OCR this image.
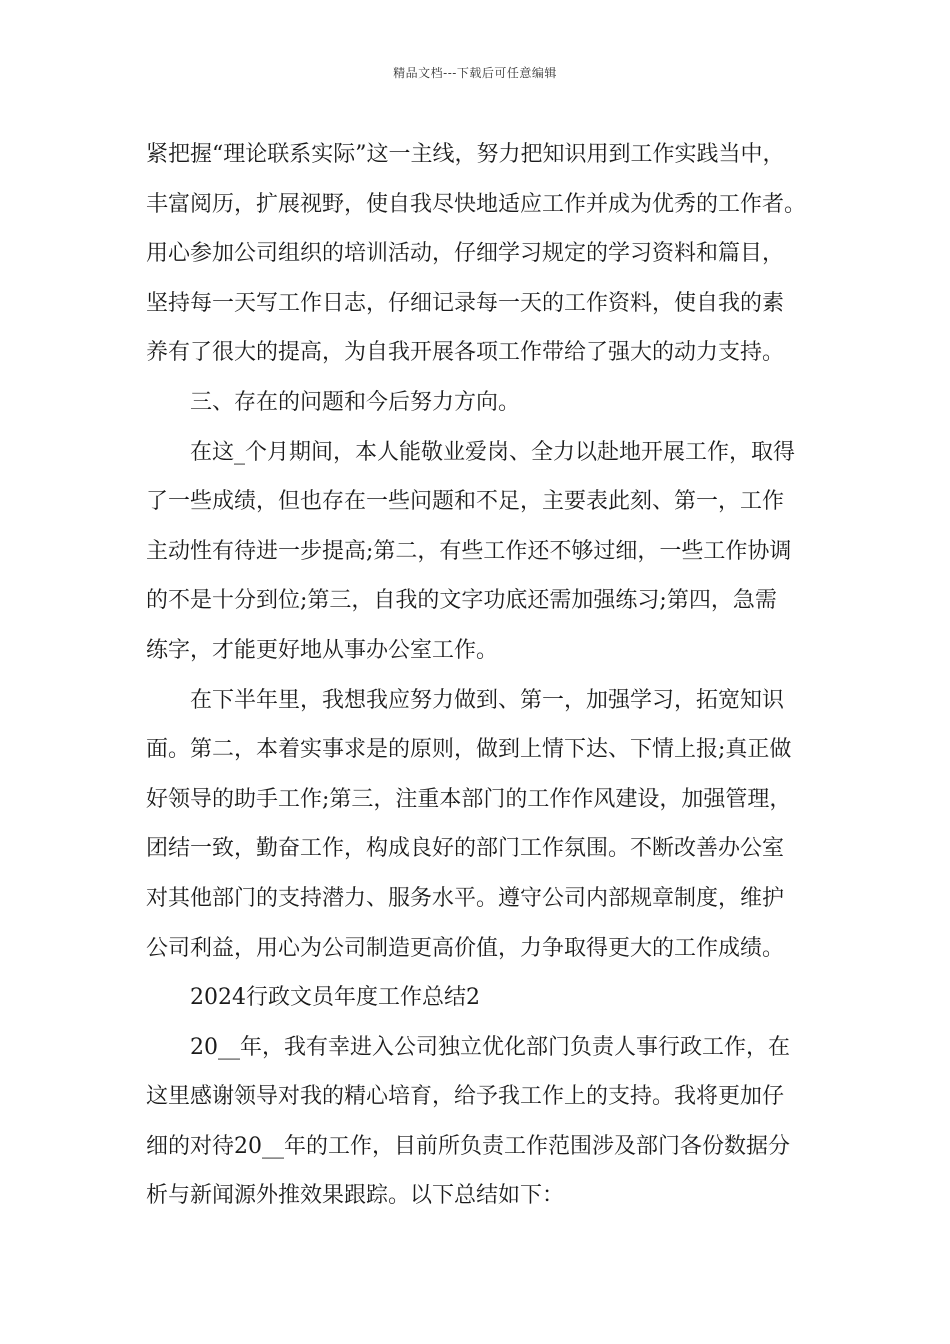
精品文档---下载后可任意编辑
紧把握“理论联系实际”这一主线，努力把知识用到工作实践当中，
丰富阅历，扩展视野，使自我尽快地适应工作并成为优秀的工作者。
用心参加公司组织的培训活动，仔细学习规定的学习资料和篇目，
坚持每一天写工作日志，仔细记录每一天的工作资料，使自我的素
养有了很大的提高，为自我开展各项工作带给了强大的动力支持。
三、存在的问题和今后努力方向。
在这_个月期间，本人能敬业爱岗、全力以赴地开展工作，取得
了一些成绩，但也存在一些问题和不足，主要表此刻、第一，工作
主动性有待进一步提高;第二，有些工作还不够过细，一些工作协调
的不是十分到位;第三，自我的文字功底还需加强练习;第四，急需
练字，才能更好地从事办公室工作。
在下半年里，我想我应努力做到、第一，加强学习，拓宽知识
面。第二，本着实事求是的原则，做到上情下达、下情上报;真正做
好领导的助手工作;第三，注重本部门的工作作风建设，加强管理，
团结一致，勤奋工作，构成良好的部门工作氛围。不断改善办公室
对其他部门的支持潜力、服务水平。遵守公司内部规章制度，维护
公司利益，用心为公司制造更高价值，力争取得更大的工作成绩。
2024行政文员年度工作总结2
20__年，我有幸进入公司独立优化部门负责人事行政工作，在
这里感谢领导对我的精心培育，给予我工作上的支持。我将更加仔
细的对待20__年的工作，目前所负责工作范围涉及部门各份数据分
析与新闻源外推效果跟踪。以下总结如下：
